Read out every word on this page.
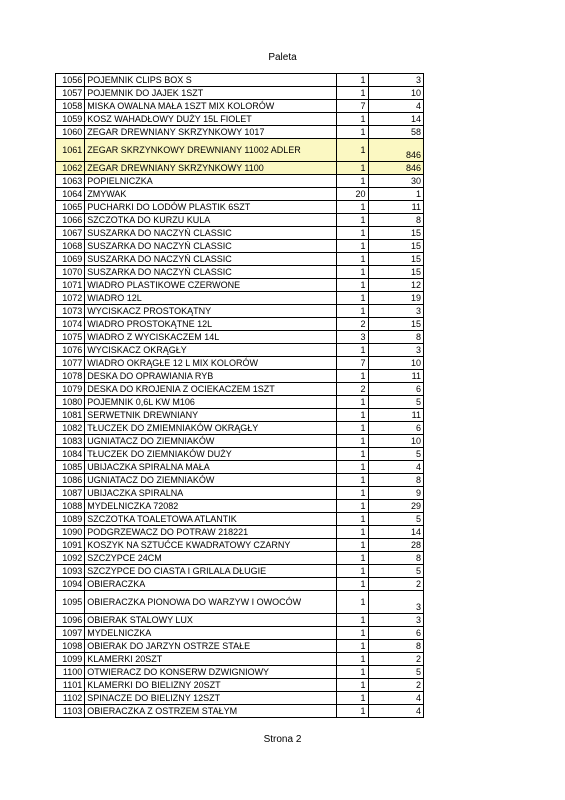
Paleta
1056	POJEMNIK CLIPS BOX S	1	3
1057	POJEMNIK DO JAJEK 1SZT	1	10
1058	MISKA OWALNA MAŁA 1SZT MIX KOLORÓW	7	4
1059	KOSZ WAHADŁOWY DUŻY 15L FIOLET	1	14
1060	ZEGAR DREWNIANY SKRZYNKOWY 1017	1	58
1061	ZEGAR SKRZYNKOWY DREWNIANY 11002 ADLER	1	846
1062	ZEGAR DREWNIANY SKRZYNKOWY 1100	1	846
1063	POPIELNICZKA	1	30
1064	ZMYWAK	20	1
1065	PUCHARKI DO LODÓW PLASTIK 6SZT	1	11
1066	SZCZOTKA DO KURZU KULA	1	8
1067	SUSZARKA DO NACZYŃ CLASSIC	1	15
1068	SUSZARKA DO NACZYŃ CLASSIC	1	15
1069	SUSZARKA DO NACZYŃ CLASSIC	1	15
1070	SUSZARKA DO NACZYŃ CLASSIC	1	15
1071	WIADRO PLASTIKOWE CZERWONE	1	12
1072	WIADRO 12L	1	19
1073	WYCISKACZ PROSTOKĄTNY	1	3
1074	WIADRO PROSTOKĄTNE 12L	2	15
1075	WIADRO Z WYCISKACZEM 14L	3	8
1076	WYCISKACZ OKRĄGŁY	1	3
1077	WIADRO OKRĄGŁE 12 L MIX KOLORÓW	7	10
1078	DESKA DO OPRAWIANIA RYB	1	11
1079	DESKA DO KROJENIA Z OCIEKACZEM 1SZT	2	6
1080	POJEMNIK 0,6L KW M106	1	5
1081	SERWETNIK DREWNIANY	1	11
1082	TŁUCZEK DO ZMIEMNIAKÓW OKRĄGŁY	1	6
1083	UGNIATACZ DO ZIEMNIAKÓW	1	10
1084	TŁUCZEK DO ZIEMNIAKÓW DUŻY	1	5
1085	UBIJACZKA SPIRALNA MAŁA	1	4
1086	UGNIATACZ DO ZIEMNIAKÓW	1	8
1087	UBIJACZKA SPIRALNA	1	9
1088	MYDELNICZKA 72082	1	29
1089	SZCZOTKA TOALETOWA ATLANTIK	1	5
1090	PODGRZEWACZ DO POTRAW 218221	1	14
1091	KOSZYK NA SZTUĆCE KWADRATOWY CZARNY	1	28
1092	SZCZYPCE 24CM	1	8
1093	SZCZYPCE DO CIASTA I GRILALA DŁUGIE	1	5
1094	OBIERACZKA	1	2
1095	OBIERACZKA PIONOWA DO WARZYW I OWOCÓW	1	3
1096	OBIERAK STALOWY LUX	1	3
1097	MYDELNICZKA	1	6
1098	OBIERAK DO JARZYN OSTRZE STAŁE	1	8
1099	KLAMERKI 20SZT	1	2
1100	OTWIERACZ DO KONSERW DZWIGNIOWY	1	5
1101	KLAMERKI DO BIELIZNY 20SZT	1	2
1102	SPINACZE DO BIELIZNY 12SZT	1	4
1103	OBIERACZKA Z OSTRZEM STAŁYM	1	4
Strona 2
